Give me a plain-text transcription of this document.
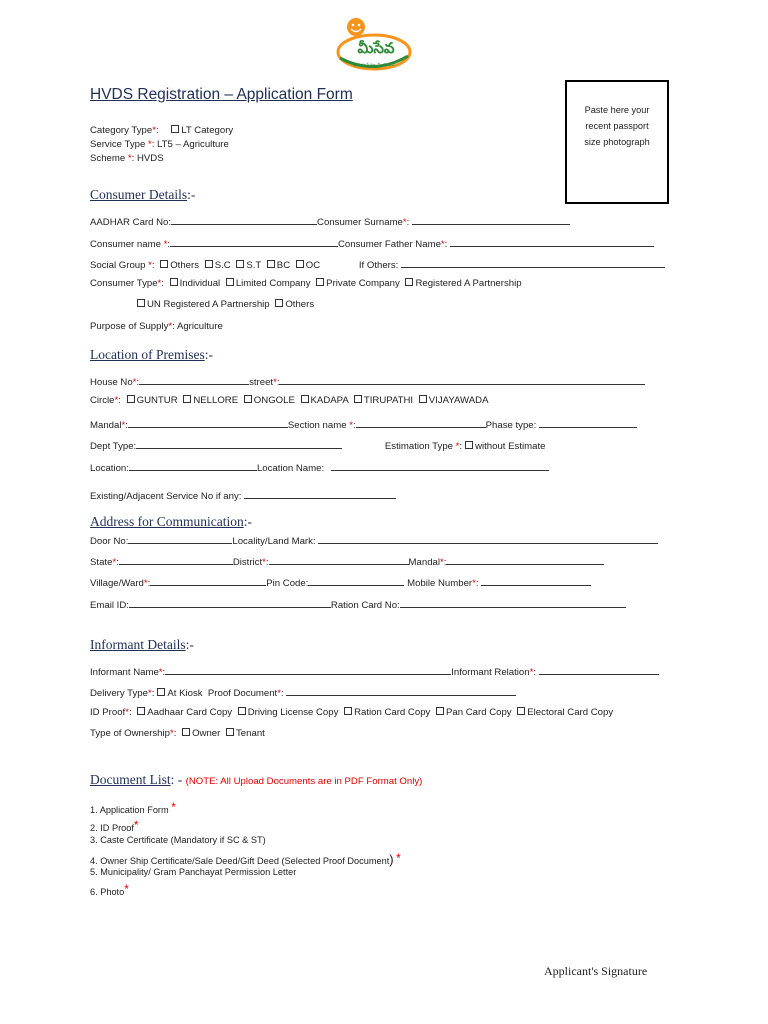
మీసేవ
ప్రభుత్వ సేవలు మీ చెంతకు
HVDS Registration – Application Form
Paste here your recent passport size photograph
Category Type*: LT Category
Service Type *: LT5 – Agriculture
Scheme *: HVDS
Consumer Details:-
AADHAR Card No:	Consumer Surname*:
Consumer name *:	Consumer Father Name*:
Social Group *: Others S.C S.T BC OC	If Others:
Consumer Type*: Individual Limited Company Private Company Registered A Partnership
UN Registered A Partnership Others
Purpose of Supply*: Agriculture
Location of Premises:-
House No*:	street*:
Circle*: GUNTUR NELLORE ONGOLE KADAPA TIRUPATHI VIJAYAWADA
Mandal*:	Section name *:	Phase type:
Dept Type:	Estimation Type *: without Estimate
Location:	Location Name:
Existing/Adjacent Service No if any:
Address for Communication:-
Door No:	Locality/Land Mark:
State*:	District*:	Mandal*:
Village/Ward*:	Pin Code:	Mobile Number*:
Email ID:	Ration Card No:
Informant Details:-
Informant Name*:	Informant Relation*:
Delivery Type*: At Kiosk Proof Document*:
ID Proof*: Aadhaar Card Copy Driving License Copy Ration Card Copy Pan Card Copy Electoral Card Copy
Type of Ownership*: Owner Tenant
Document List: - (NOTE: All Upload Documents are in PDF Format Only)
1. Application Form *
2. ID Proof*
3. Caste Certificate (Mandatory if SC & ST)
4. Owner Ship Certificate/Sale Deed/Gift Deed (Selected Proof Document) *
5. Municipality/ Gram Panchayat Permission Letter
6. Photo*
Applicant's Signature
